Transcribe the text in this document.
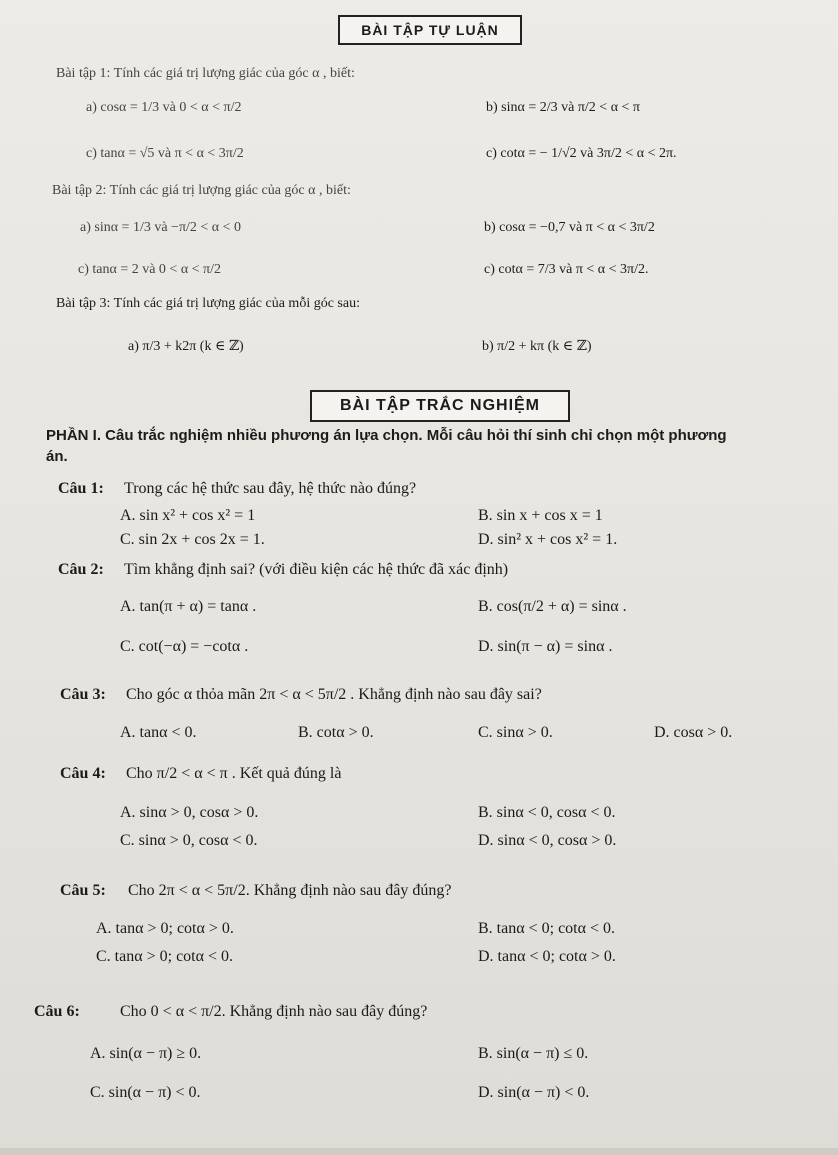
BÀI TẬP TỰ LUẬN
Bài tập 1: Tính các giá trị lượng giác của góc α , biết:
a) cosα = 1/3 và 0 < α < π/2	b) sinα = 2/3 và π/2 < α < π
c) tanα = √5 và π < α < 3π/2	c) cotα = − 1/√2 và 3π/2 < α < 2π.
Bài tập 2: Tính các giá trị lượng giác của góc α , biết:
a) sinα = 1/3 và −π/2 < α < 0	b) cosα = −0,7 và π < α < 3π/2
c) tanα = 2 và 0 < α < π/2	c) cotα = 7/3 và π < α < 3π/2.
Bài tập 3: Tính các giá trị lượng giác của mỗi góc sau:
a) π/3 + k2π (k ∈ ℤ)	b) π/2 + kπ (k ∈ ℤ)
BÀI TẬP TRẮC NGHIỆM
PHẦN I. Câu trắc nghiệm nhiều phương án lựa chọn. Mỗi câu hỏi thí sinh chỉ chọn một phương
án.
Câu 1: Trong các hệ thức sau đây, hệ thức nào đúng?
A. sin x² + cos x² = 1	B. sin x + cos x = 1
C. sin 2x + cos 2x = 1.	D. sin² x + cos x² = 1.
Câu 2: Tìm khẳng định sai? (với điều kiện các hệ thức đã xác định)
A. tan(π + α) = tanα .	B. cos(π/2 + α) = sinα .
C. cot(−α) = −cotα .	D. sin(π − α) = sinα .
Câu 3: Cho góc α thỏa mãn 2π < α < 5π/2 . Khẳng định nào sau đây sai?
A. tanα < 0.	B. cotα > 0.	C. sinα > 0.	D. cosα > 0.
Câu 4: Cho π/2 < α < π . Kết quả đúng là
A. sinα > 0, cosα > 0.	B. sinα < 0, cosα < 0.
C. sinα > 0, cosα < 0.	D. sinα < 0, cosα > 0.
Câu 5: Cho 2π < α < 5π/2. Khẳng định nào sau đây đúng?
A. tanα > 0; cotα > 0.	B. tanα < 0; cotα < 0.
C. tanα > 0; cotα < 0.	D. tanα < 0; cotα > 0.
Câu 6:	Cho 0 < α < π/2. Khẳng định nào sau đây đúng?
A. sin(α − π) ≥ 0.	B. sin(α − π) ≤ 0.
C. sin(α − π) < 0.	D. sin(α − π) < 0.
